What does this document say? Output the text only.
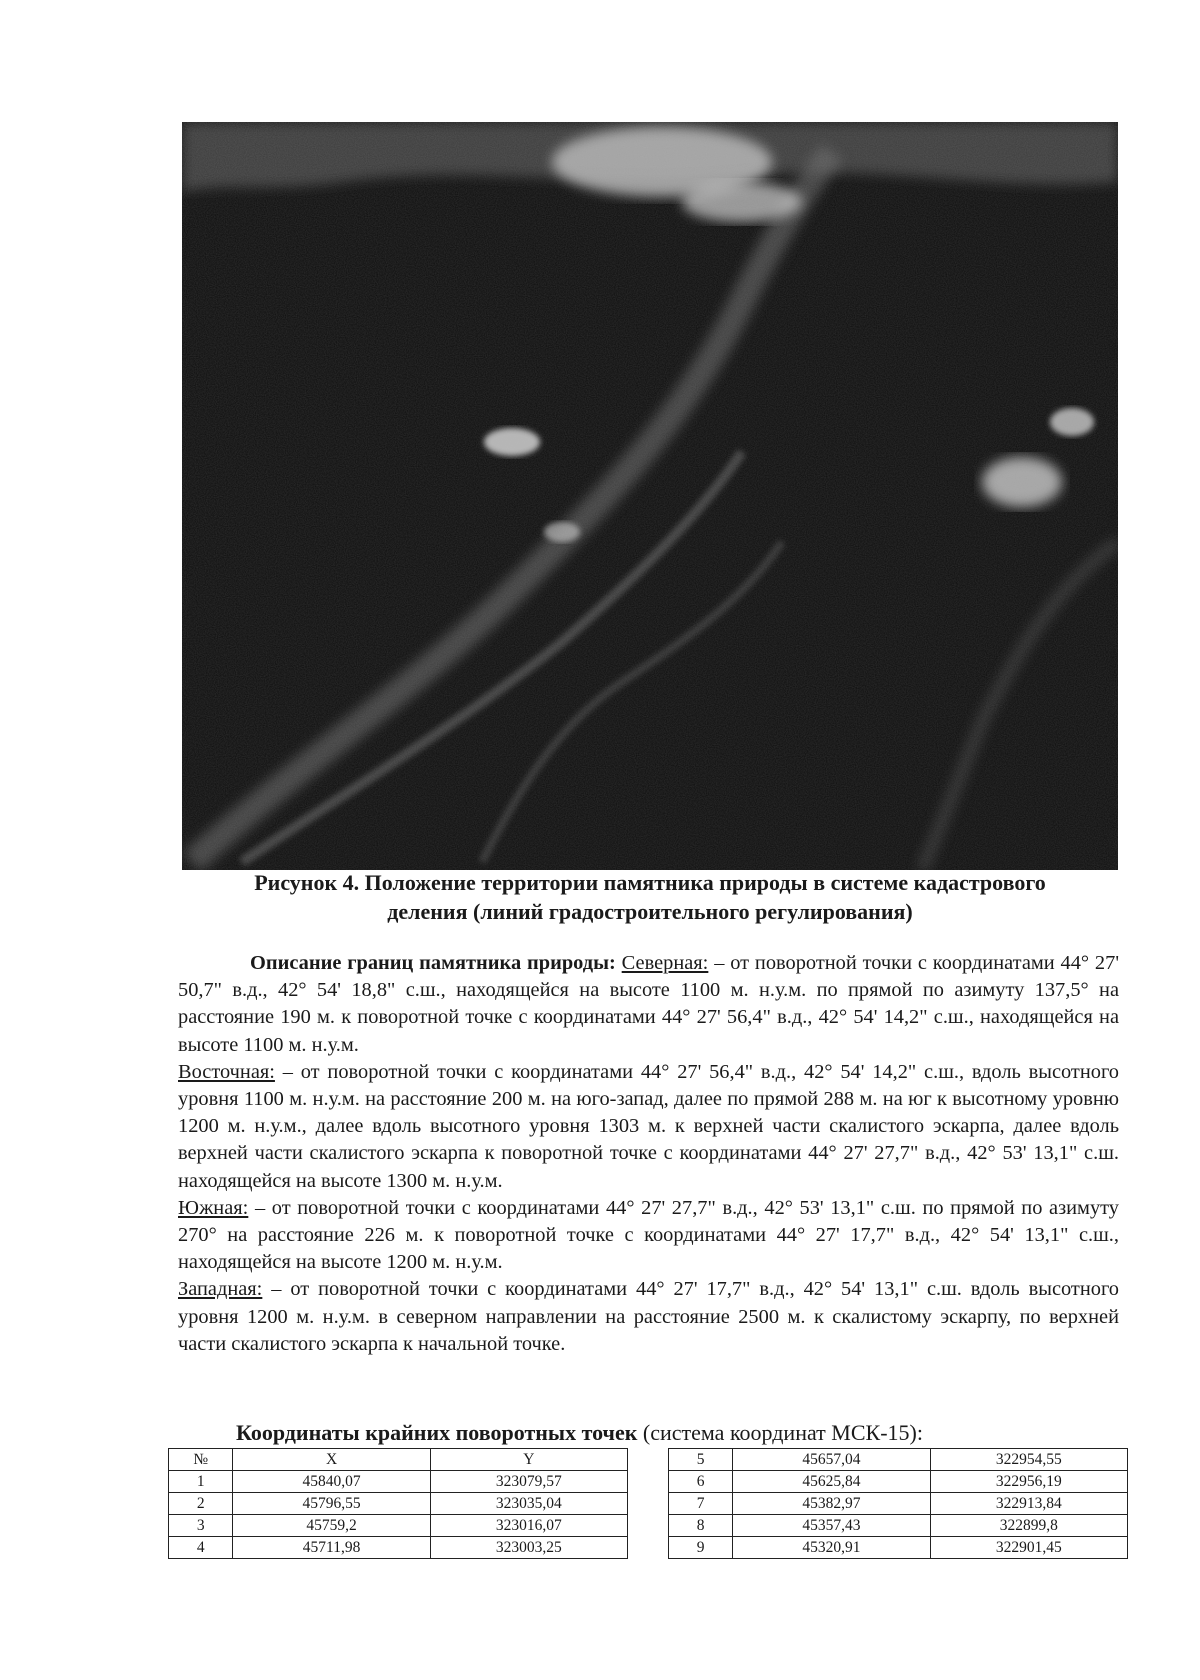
Рисунок 4. Положение территории памятника природы в системе кадастрового
деления (линий градостроительного регулирования)

Описание границ памятника природы: Северная: – от поворотной точки с координатами 44° 27' 50,7" в.д., 42° 54' 18,8" с.ш., находящейся на высоте 1100 м. н.у.м. по прямой по азимуту 137,5° на расстояние 190 м. к поворотной точке с координатами 44° 27' 56,4" в.д., 42° 54' 14,2" с.ш., находящейся на высоте 1100 м. н.у.м.

Восточная: – от поворотной точки с координатами 44° 27' 56,4" в.д., 42° 54' 14,2" с.ш., вдоль высотного уровня 1100 м. н.у.м. на расстояние 200 м. на юго-запад, далее по прямой 288 м. на юг к высотному уровню 1200 м. н.у.м., далее вдоль высотного уровня 1303 м. к верхней части скалистого эскарпа, далее вдоль верхней части скалистого эскарпа к поворотной точке с координатами 44° 27' 27,7" в.д., 42° 53' 13,1" с.ш. находящейся на высоте 1300 м. н.у.м.

Южная: – от поворотной точки с координатами 44° 27' 27,7" в.д., 42° 53' 13,1" с.ш. по прямой по азимуту 270° на расстояние 226 м. к поворотной точке с координатами 44° 27' 17,7" в.д., 42° 54' 13,1" с.ш., находящейся на высоте 1200 м. н.у.м.

Западная: – от поворотной точки с координатами 44° 27' 17,7" в.д., 42° 54' 13,1" с.ш. вдоль высотного уровня 1200 м. н.у.м. в северном направлении на расстояние 2500 м. к скалистому эскарпу, по верхней части скалистого эскарпа к начальной точке.

Координаты крайних поворотных точек (система координат МСК-15):
№	X	Y
1	45840,07	323079,57
2	45796,55	323035,04
3	45759,2	323016,07
4	45711,98	323003,25
5	45657,04	322954,55
6	45625,84	322956,19
7	45382,97	322913,84
8	45357,43	322899,8
9	45320,91	322901,45
